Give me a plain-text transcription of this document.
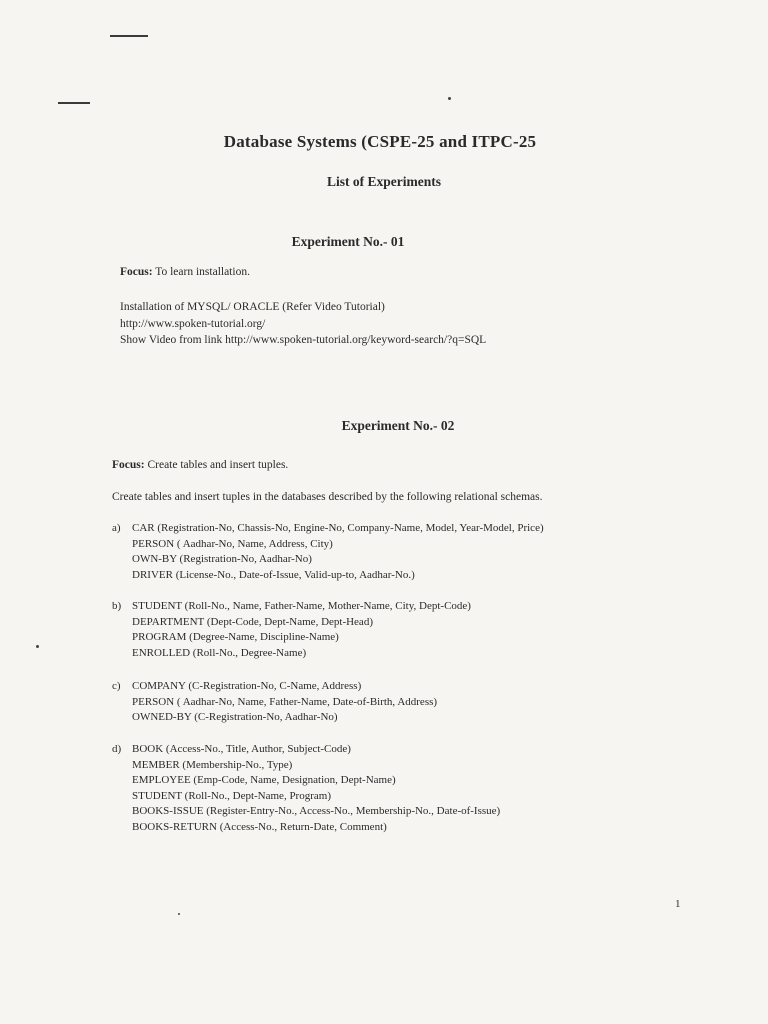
Database Systems (CSPE-25 and ITPC-25
List of Experiments
Experiment No.- 01
Focus: To learn installation.
Installation of MYSQL/ ORACLE (Refer Video Tutorial)
http://www.spoken-tutorial.org/
Show Video from link http://www.spoken-tutorial.org/keyword-search/?q=SQL
Experiment No.- 02
Focus: Create tables and insert tuples.
Create tables and insert tuples in the databases described by the following relational schemas.
a)	CAR (Registration-No, Chassis-No, Engine-No, Company-Name, Model, Year-Model, Price)
PERSON ( Aadhar-No, Name, Address, City)
OWN-BY (Registration-No, Aadhar-No)
DRIVER (License-No., Date-of-Issue, Valid-up-to, Aadhar-No.)
b) STUDENT (Roll-No., Name, Father-Name, Mother-Name, City, Dept-Code)
DEPARTMENT (Dept-Code, Dept-Name, Dept-Head)
PROGRAM (Degree-Name, Discipline-Name)
ENROLLED (Roll-No., Degree-Name)
c)	COMPANY (C-Registration-No, C-Name, Address)
PERSON ( Aadhar-No, Name, Father-Name, Date-of-Birth, Address)
OWNED-BY (C-Registration-No, Aadhar-No)
d) BOOK (Access-No., Title, Author, Subject-Code)
MEMBER (Membership-No., Type)
EMPLOYEE (Emp-Code, Name, Designation, Dept-Name)
STUDENT (Roll-No., Dept-Name, Program)
BOOKS-ISSUE (Register-Entry-No., Access-No., Membership-No., Date-of-Issue)
BOOKS-RETURN (Access-No., Return-Date, Comment)
1
